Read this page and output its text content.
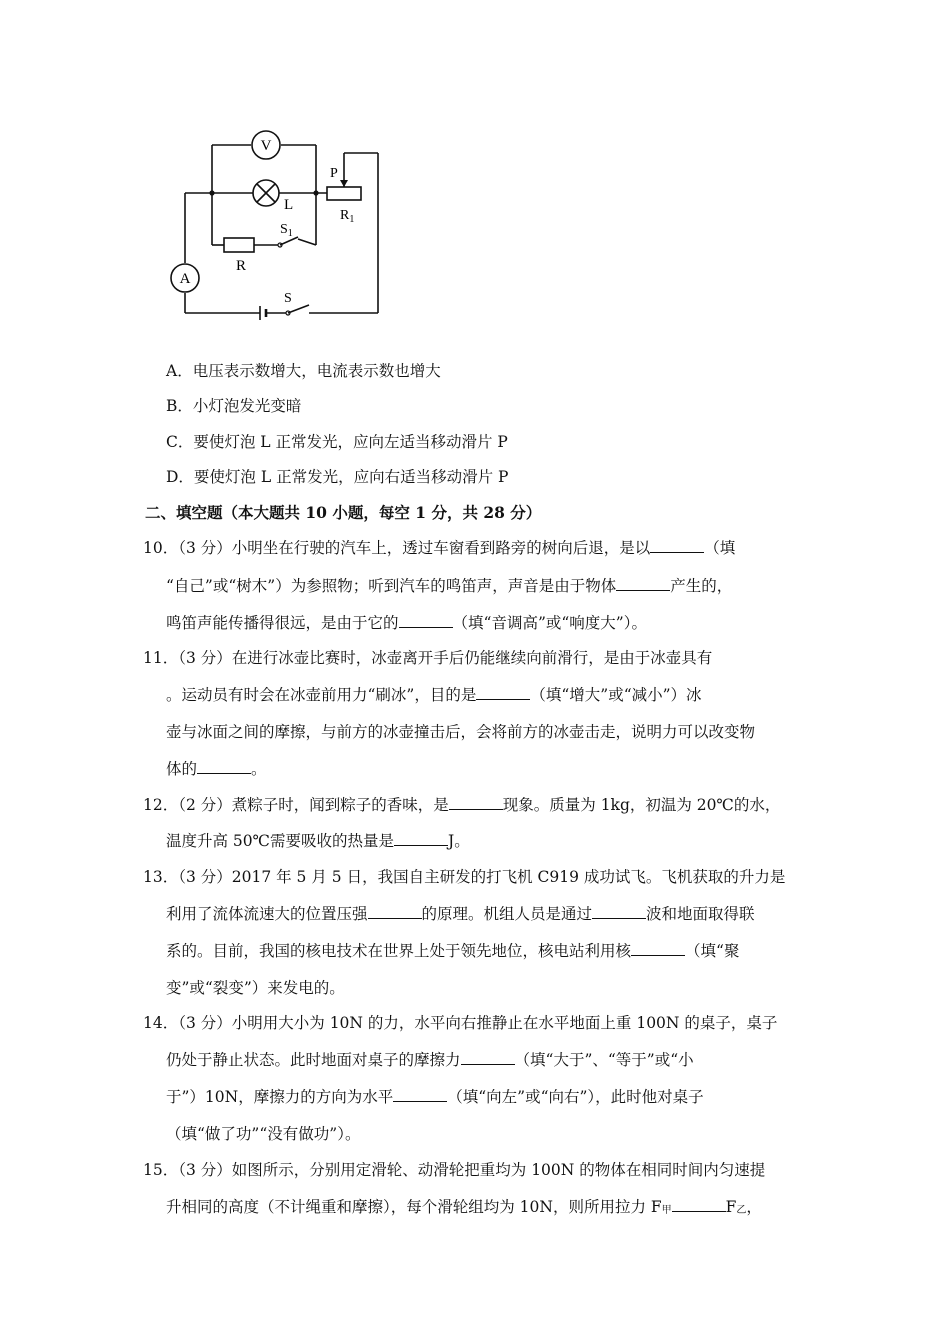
V
L
P
$R_1$
R
$S_1$
A
S
A．电压表示数增大，电流表示数也增大
B．小灯泡发光变暗
C．要使灯泡 L 正常发光，应向左适当移动滑片 P
D．要使灯泡 L 正常发光，应向右适当移动滑片 P
二、填空题（本大题共 10 小题，每空 1 分，共 28 分）
10．（3 分）小明坐在行驶的汽车上，透过车窗看到路旁的树向后退，是以	（填
“自己”或“树木”）为参照物；听到汽车的鸣笛声，声音是由于物体	产生的，
鸣笛声能传播得很远，是由于它的	（填“音调高”或“响度大”）。
11．（3 分）在进行冰壶比赛时，冰壶离开手后仍能继续向前滑行，是由于冰壶具有
。运动员有时会在冰壶前用力“刷冰”，目的是	（填“增大”或“减小”）冰
壶与冰面之间的摩擦，与前方的冰壶撞击后，会将前方的冰壶击走，说明力可以改变物
体的	。
12．（2 分）煮粽子时，闻到粽子的香味，是	现象。质量为 1kg，初温为 20℃的水，
温度升高 50℃需要吸收的热量是	J。
13．（3 分）2017 年 5 月 5 日，我国自主研发的打飞机 C919 成功试飞。飞机获取的升力是
利用了流体流速大的位置压强	的原理。机组人员是通过	波和地面取得联
系的。目前，我国的核电技术在世界上处于领先地位，核电站利用核	（填“聚
变”或“裂变”）来发电的。
14．（3 分）小明用大小为 10N 的力，水平向右推静止在水平地面上重 100N 的桌子，桌子
仍处于静止状态。此时地面对桌子的摩擦力	（填“大于”、“等于”或“小
于”）10N，摩擦力的方向为水平	（填“向左”或“向右”），此时他对桌子
（填“做了功”“没有做功”）。
15．（3 分）如图所示，分别用定滑轮、动滑轮把重均为 100N 的物体在相同时间内匀速提
升相同的高度（不计绳重和摩擦），每个滑轮组均为 10N，则所用拉力 F甲	F乙，
